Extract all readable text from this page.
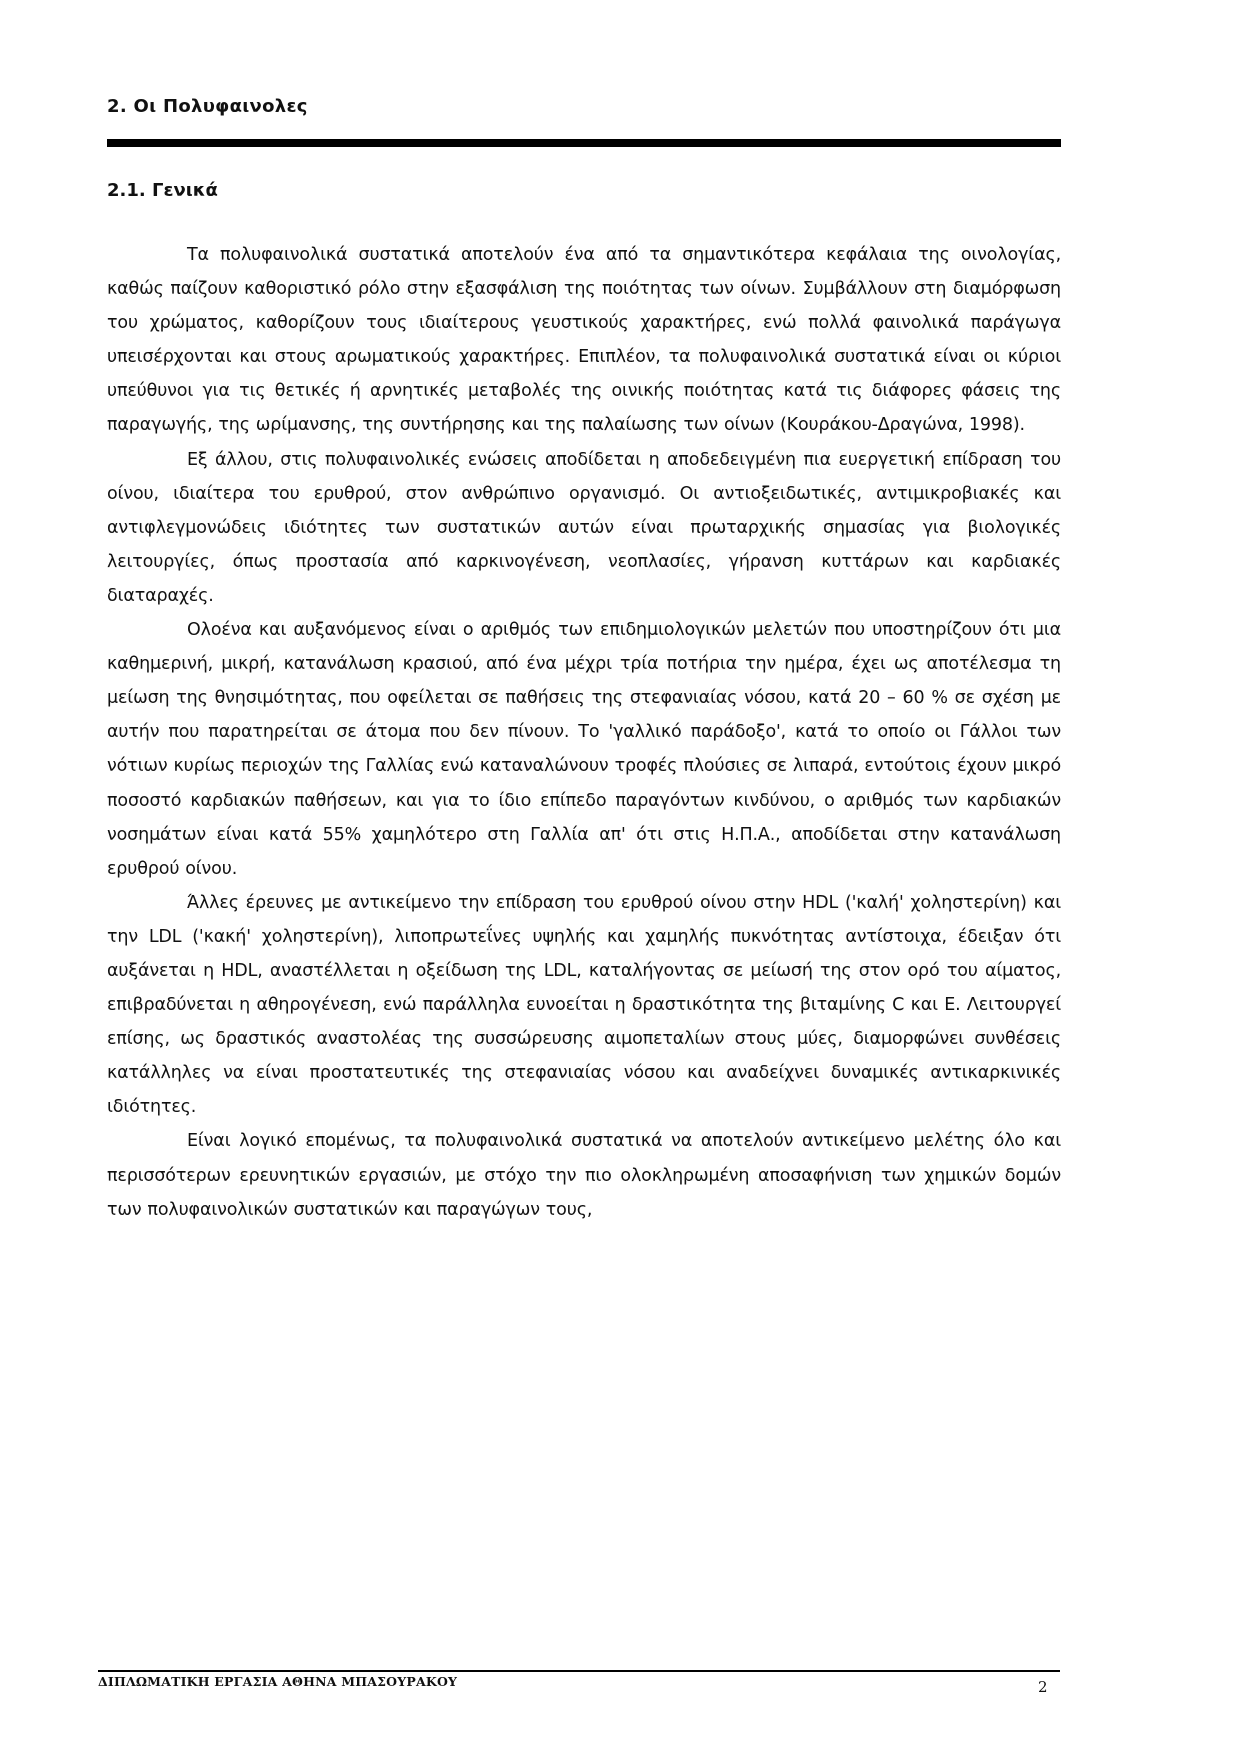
2. Οι Πολυφαινολες
2.1. Γενικά

Τα πολυφαινολικά συστατικά αποτελούν ένα από τα σημαντικότερα κεφάλαια της οινολογίας, καθώς παίζουν καθοριστικό ρόλο στην εξασφάλιση της ποιότητας των οίνων. Συμβάλλουν στη διαμόρφωση του χρώματος, καθορίζουν τους ιδιαίτερους γευστικούς χαρακτήρες, ενώ πολλά φαινολικά παράγωγα υπεισέρχονται και στους αρωματικούς χαρακτήρες. Επιπλέον, τα πολυφαινολικά συστατικά είναι οι κύριοι υπεύθυνοι για τις θετικές ή αρνητικές μεταβολές της οινικής ποιότητας κατά τις διάφορες φάσεις της παραγωγής, της ωρίμανσης, της συντήρησης και της παλαίωσης των οίνων (Κουράκου-Δραγώνα, 1998).

Εξ άλλου, στις πολυφαινολικές ενώσεις αποδίδεται η αποδεδειγμένη πια ευεργετική επίδραση του οίνου, ιδιαίτερα του ερυθρού, στον ανθρώπινο οργανισμό. Οι αντιοξειδωτικές, αντιμικροβιακές και αντιφλεγμονώδεις ιδιότητες των συστατικών αυτών είναι πρωταρχικής σημασίας για βιολογικές λειτουργίες, όπως προστασία από καρκινογένεση, νεοπλασίες, γήρανση κυττάρων και καρδιακές διαταραχές.

Ολοένα και αυξανόμενος είναι ο αριθμός των επιδημιολογικών μελετών που υποστηρίζουν ότι μια καθημερινή, μικρή, κατανάλωση κρασιού, από ένα μέχρι τρία ποτήρια την ημέρα, έχει ως αποτέλεσμα τη μείωση της θνησιμότητας, που οφείλεται σε παθήσεις της στεφανιαίας νόσου, κατά 20 – 60 % σε σχέση με αυτήν που παρατηρείται σε άτομα που δεν πίνουν. Το 'γαλλικό παράδοξο', κατά το οποίο οι Γάλλοι των νότιων κυρίως περιοχών της Γαλλίας ενώ καταναλώνουν τροφές πλούσιες σε λιπαρά, εντούτοις έχουν μικρό ποσοστό καρδιακών παθήσεων, και για το ίδιο επίπεδο παραγόντων κινδύνου, ο αριθμός των καρδιακών νοσημάτων είναι κατά 55% χαμηλότερο στη Γαλλία απ' ότι στις Η.Π.Α., αποδίδεται στην κατανάλωση ερυθρού οίνου.

Άλλες έρευνες με αντικείμενο την επίδραση του ερυθρού οίνου στην HDL ('καλή' χοληστερίνη) και την LDL ('κακή' χοληστερίνη), λιποπρωτεΐνες υψηλής και χαμηλής πυκνότητας αντίστοιχα, έδειξαν ότι αυξάνεται η HDL, αναστέλλεται η οξείδωση της LDL, καταλήγοντας σε μείωσή της στον ορό του αίματος, επιβραδύνεται η αθηρογένεση, ενώ παράλληλα ευνοείται η δραστικότητα της βιταμίνης C και E. Λειτουργεί επίσης, ως δραστικός αναστολέας της συσσώρευσης αιμοπεταλίων στους μύες, διαμορφώνει συνθέσεις κατάλληλες να είναι προστατευτικές της στεφανιαίας νόσου και αναδείχνει δυναμικές αντικαρκινικές ιδιότητες.

Είναι λογικό επομένως, τα πολυφαινολικά συστατικά να αποτελούν αντικείμενο μελέτης όλο και περισσότερων ερευνητικών εργασιών, με στόχο την πιο ολοκληρωμένη αποσαφήνιση των χημικών δομών των πολυφαινολικών συστατικών και παραγώγων τους,

ΔΙΠΛΩΜΑΤΙΚΗ ΕΡΓΑΣΙΑ ΑΘΗΝΑ ΜΠΑΣΟΥΡΑΚΟΥ	2
